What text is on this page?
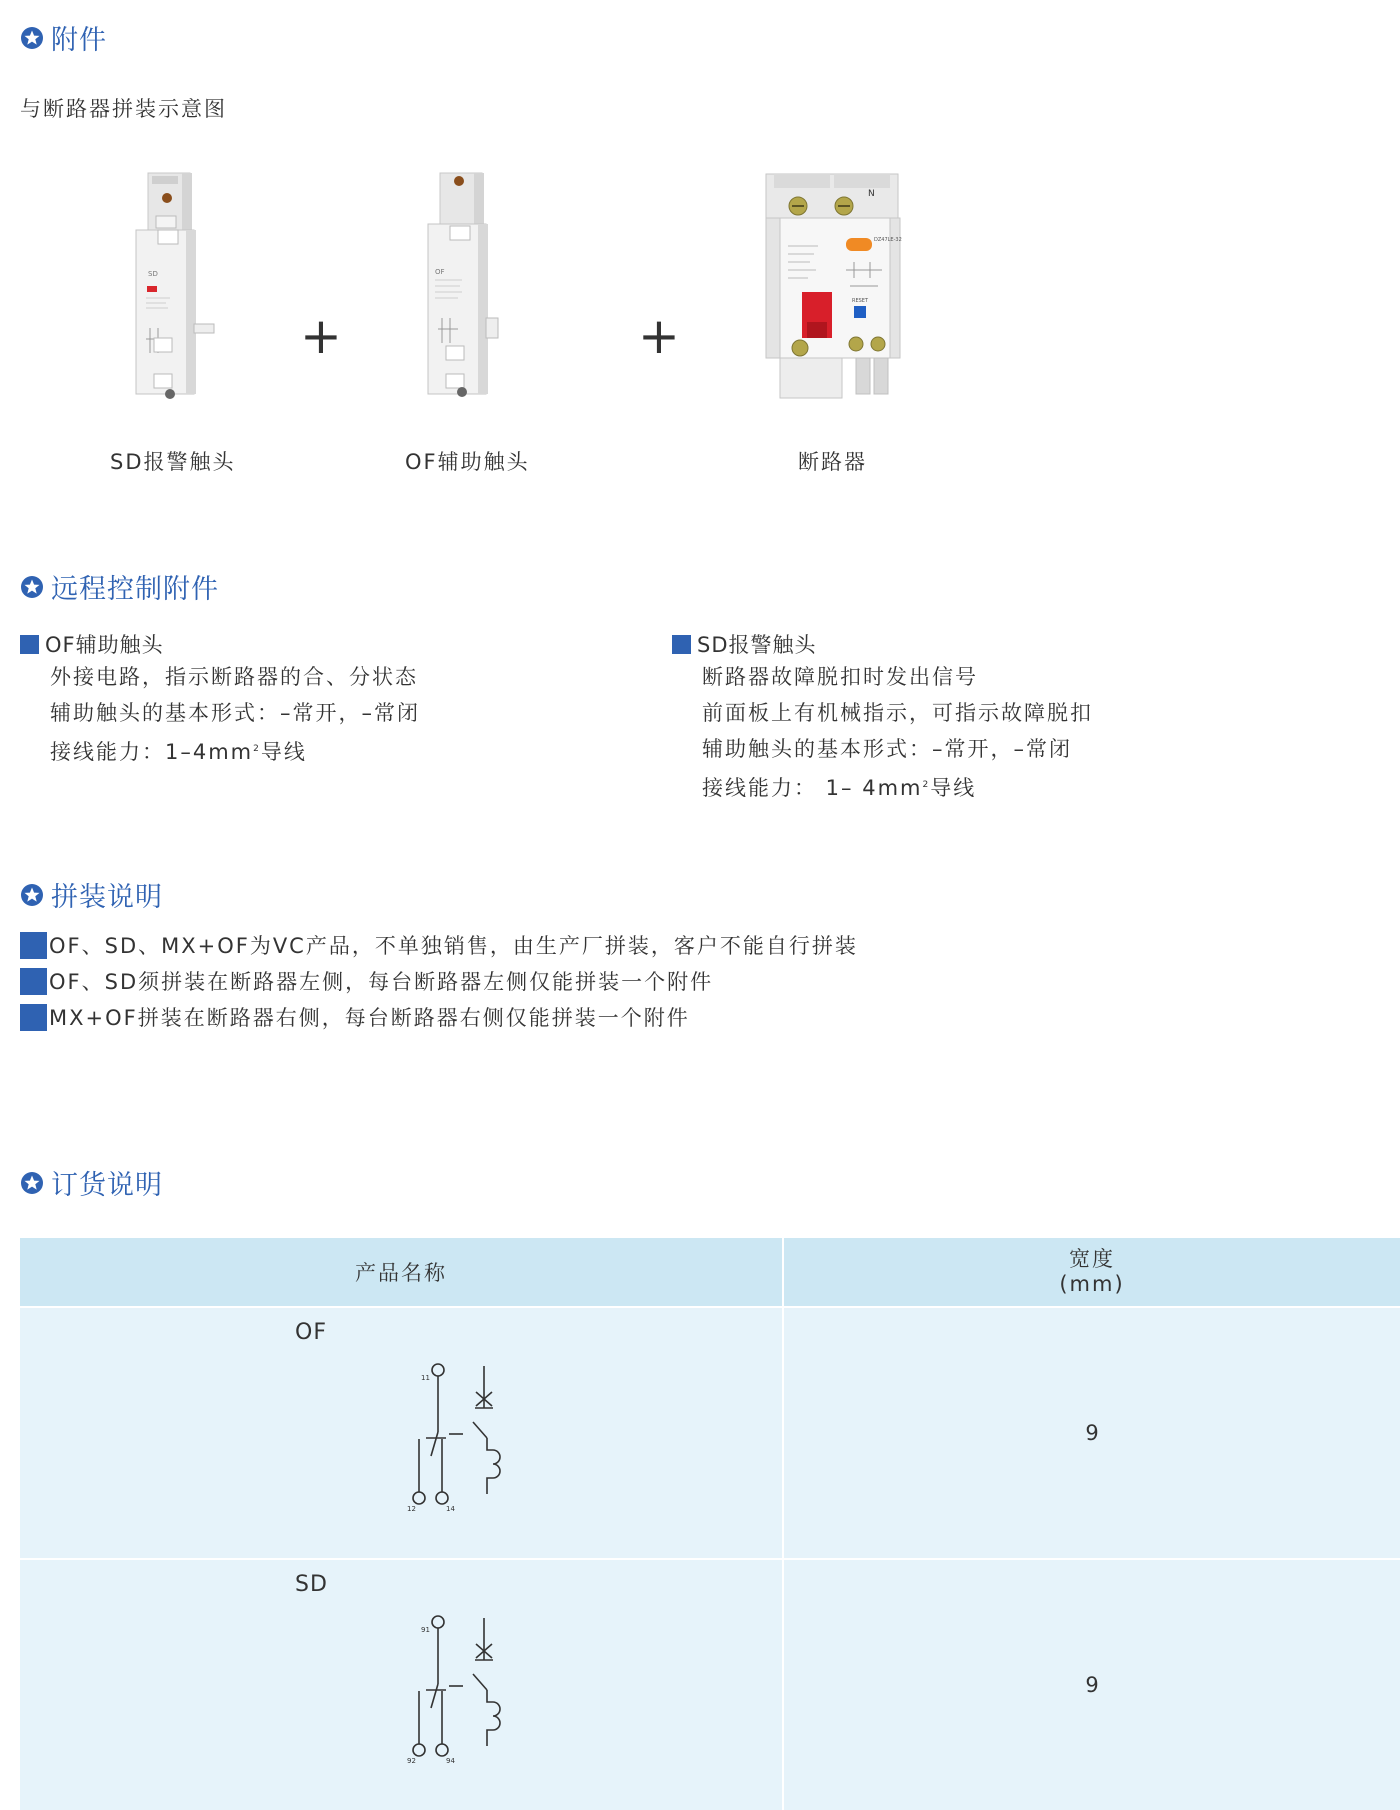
附件
与断路器拼装示意图
SD
+
OF
+
N
DZ47LE-32
RESET
SD报警触头	OF辅助触头	断路器
远程控制附件
OF辅助触头
外接电路，指示断路器的合、分状态
辅助触头的基本形式：–常开，–常闭
接线能力：$1-4mm^2$导线
SD报警触头
断路器故障脱扣时发出信号
前面板上有机械指示，可指示故障脱扣
辅助触头的基本形式：–常开，–常闭
接线能力： 1– $4mm^2$导线
拼装说明
OF、SD、MX+OF为VC产品，不单独销售，由生产厂拼装，客户不能自行拼装
OF、SD须拼装在断路器左侧，每台断路器左侧仅能拼装一个附件
MX+OF拼装在断路器右侧，每台断路器右侧仅能拼装一个附件
订货说明
产品名称
宽度
(mm)
OF
11
12	14
9
SD
91
92	94
9
